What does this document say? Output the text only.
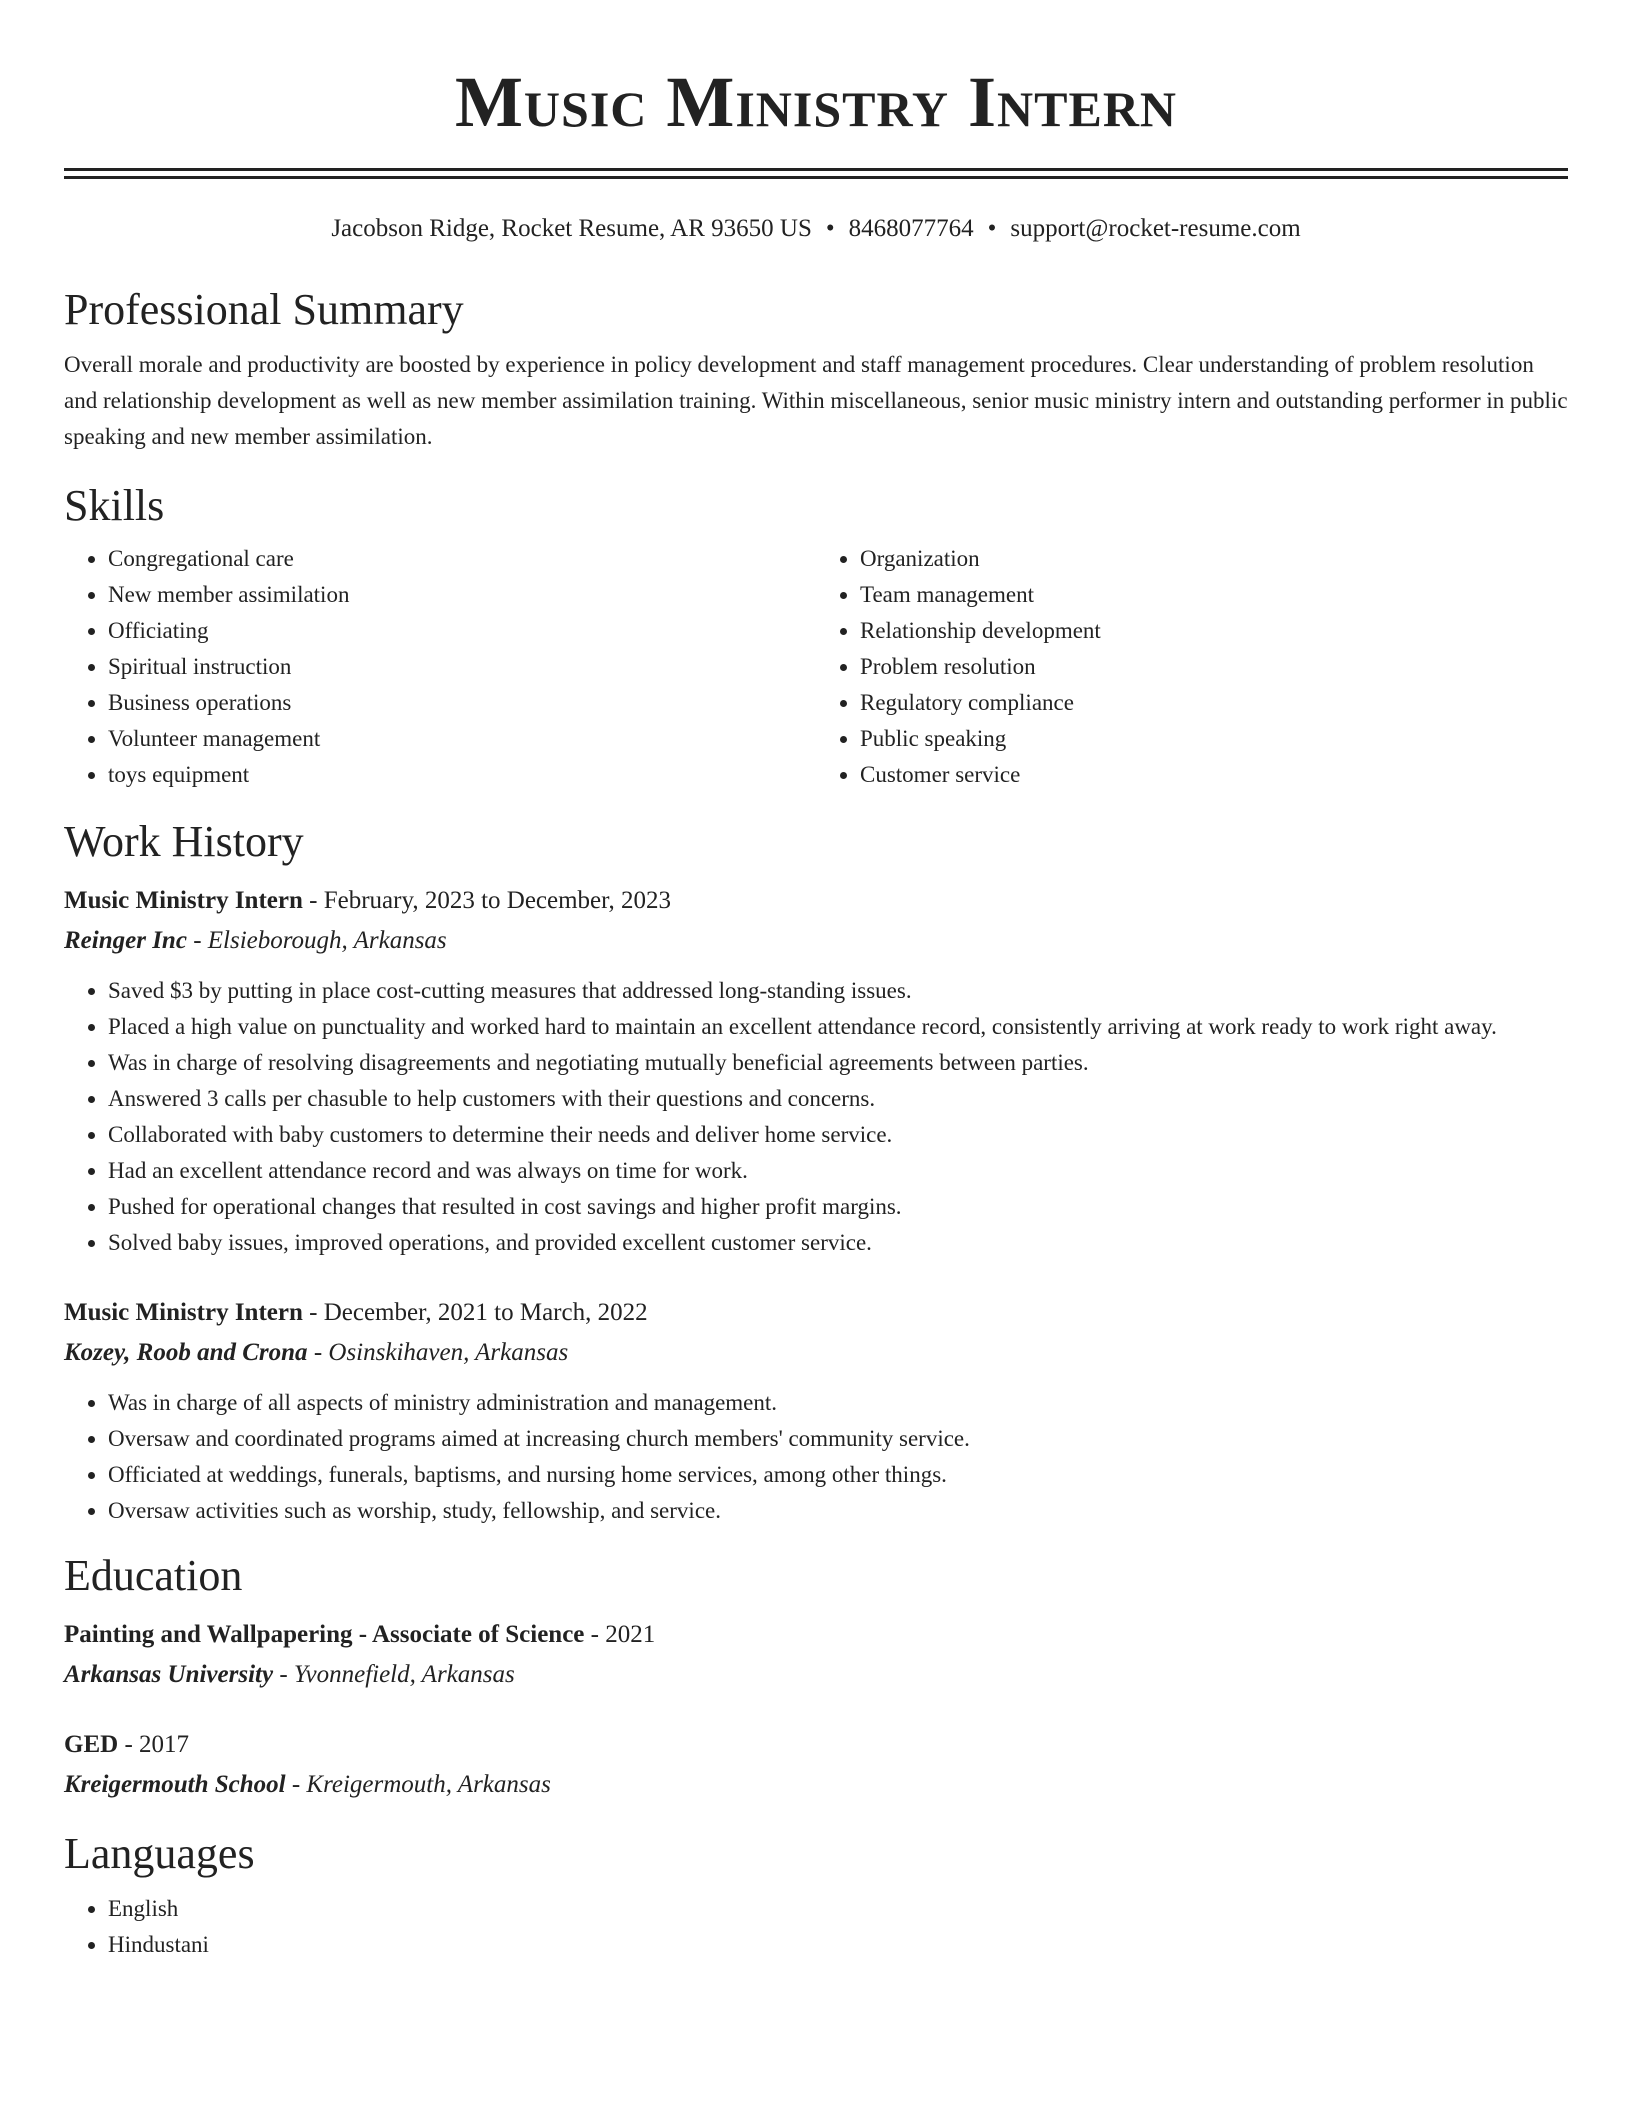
Music Ministry Intern
Jacobson Ridge, Rocket Resume, AR 93650 US • 8468077764 • support@rocket-resume.com
Professional Summary

Overall morale and productivity are boosted by experience in policy development and staff management procedures. Clear understanding of problem resolution and relationship development as well as new member assimilation training. Within miscellaneous, senior music ministry intern and outstanding performer in public speaking and new member assimilation.

Skills
• Congregational care
• New member assimilation
• Officiating
• Spiritual instruction
• Business operations
• Volunteer management
• toys equipment
• Organization
• Team management
• Relationship development
• Problem resolution
• Regulatory compliance
• Public speaking
• Customer service
Work History
Music Ministry Intern - February, 2023 to December, 2023
Reinger Inc - Elsieborough, Arkansas
• Saved $3 by putting in place cost-cutting measures that addressed long-standing issues.
• Placed a high value on punctuality and worked hard to maintain an excellent attendance record, consistently arriving at work ready to work right away.
• Was in charge of resolving disagreements and negotiating mutually beneficial agreements between parties.
• Answered 3 calls per chasuble to help customers with their questions and concerns.
• Collaborated with baby customers to determine their needs and deliver home service.
• Had an excellent attendance record and was always on time for work.
• Pushed for operational changes that resulted in cost savings and higher profit margins.
• Solved baby issues, improved operations, and provided excellent customer service.
Music Ministry Intern - December, 2021 to March, 2022
Kozey, Roob and Crona - Osinskihaven, Arkansas
• Was in charge of all aspects of ministry administration and management.
• Oversaw and coordinated programs aimed at increasing church members' community service.
• Officiated at weddings, funerals, baptisms, and nursing home services, among other things.
• Oversaw activities such as worship, study, fellowship, and service.
Education
Painting and Wallpapering - Associate of Science - 2021
Arkansas University - Yvonnefield, Arkansas
GED - 2017
Kreigermouth School - Kreigermouth, Arkansas
Languages
• English
• Hindustani
